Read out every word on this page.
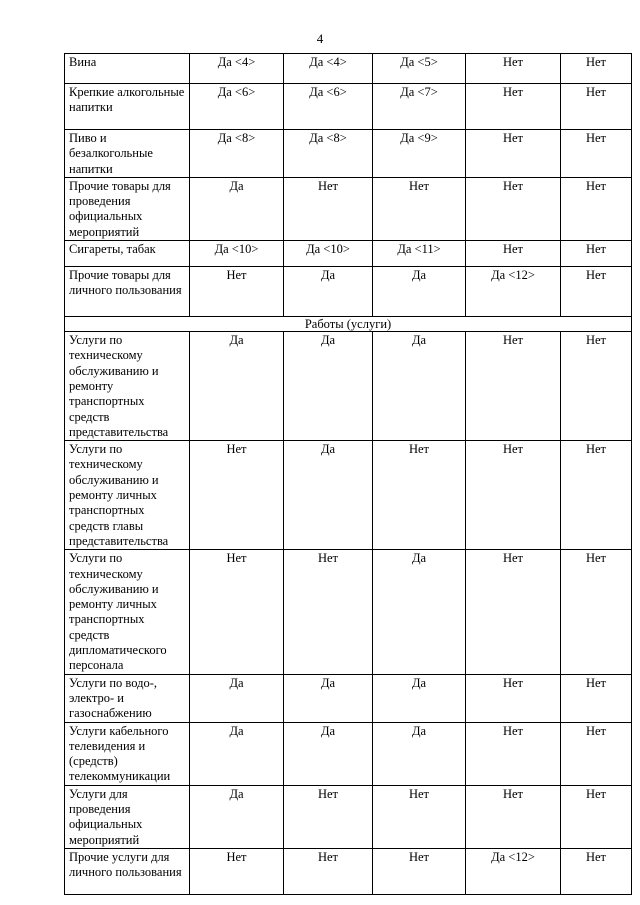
4
Вина	Да <4>	Да <4>	Да <5>	Нет	Нет
Крепкие алкогольные напитки	Да <6>	Да <6>	Да <7>	Нет	Нет
Пиво и безалкогольные напитки	Да <8>	Да <8>	Да <9>	Нет	Нет
Прочие товары для проведения официальных мероприятий	Да	Нет	Нет	Нет	Нет
Сигареты, табак	Да <10>	Да <10>	Да <11>	Нет	Нет
Прочие товары для личного пользования	Нет	Да	Да	Да <12>	Нет
Работы (услуги)					
Услуги по техническому обслуживанию и ремонту транспортных средств представительства	Да	Да	Да	Нет	Нет
Услуги по техническому обслуживанию и ремонту личных транспортных средств главы представительства	Нет	Да	Нет	Нет	Нет
Услуги по техническому обслуживанию и ремонту личных транспортных средств дипломатического персонала	Нет	Нет	Да	Нет	Нет
Услуги по водо-, электро- и газоснабжению	Да	Да	Да	Нет	Нет
Услуги кабельного телевидения и (средств) телекоммуникации	Да	Да	Да	Нет	Нет
Услуги для проведения официальных мероприятий	Да	Нет	Нет	Нет	Нет
Прочие услуги для личного пользования	Нет	Нет	Нет	Да <12>	Нет
